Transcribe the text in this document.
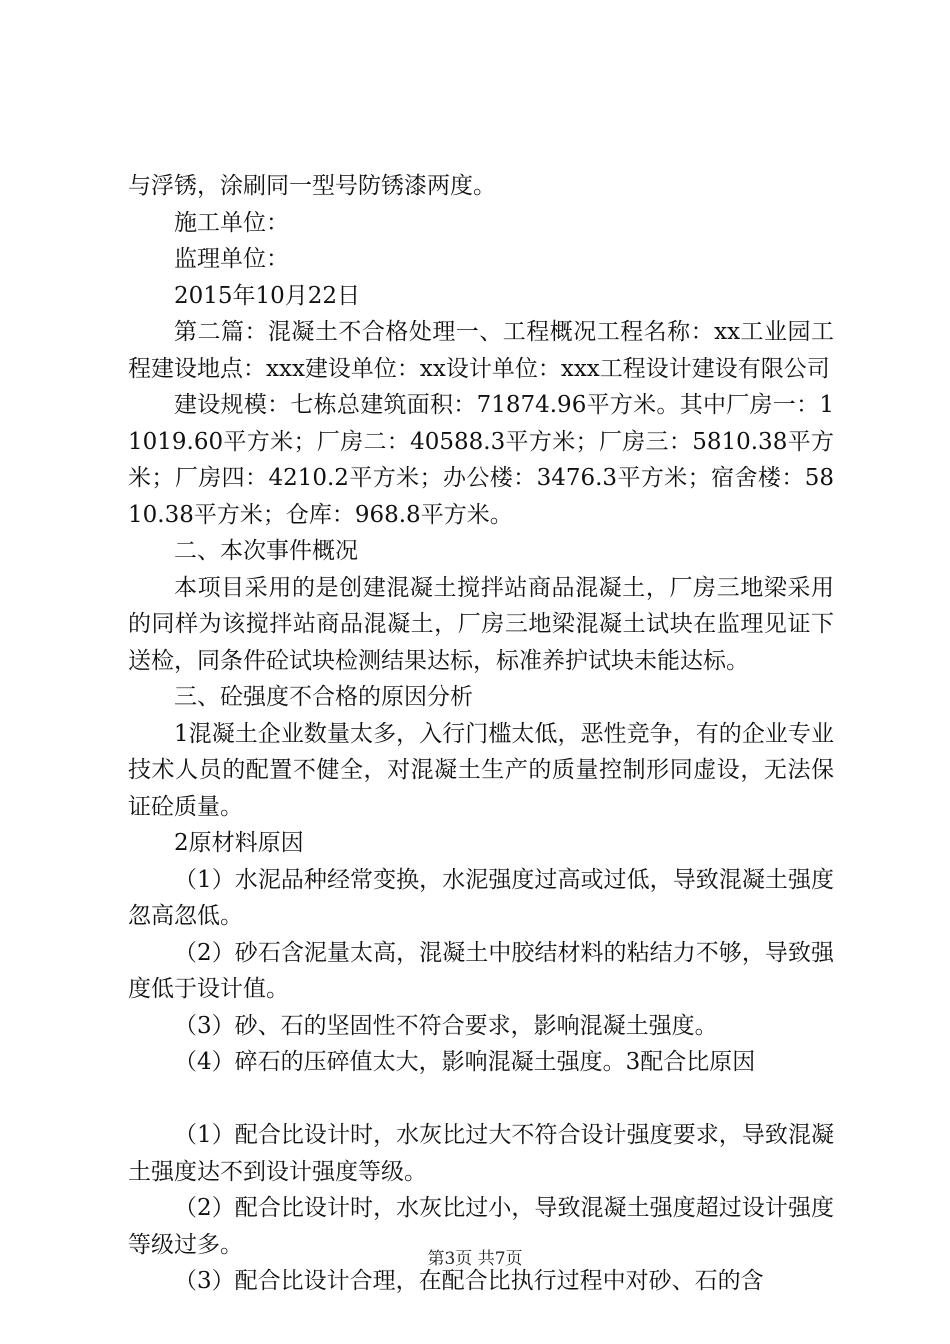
与浮锈，涂刷同一型号防锈漆两度。

施工单位：

监理单位：

2015年10月22日

第二篇：混凝土不合格处理一、工程概况工程名称：xx工业园工程建设地点：xxx建设单位：xx设计单位：xxx工程设计建设有限公司

建设规模：七栋总建筑面积：71874.96平方米。其中厂房一：11019.60平方米；厂房二：40588.3平方米；厂房三：5810.38平方米；厂房四：4210.2平方米；办公楼：3476.3平方米；宿舍楼：5810.38平方米；仓库：968.8平方米。

二、本次事件概况

本项目采用的是创建混凝土搅拌站商品混凝土，厂房三地梁采用的同样为该搅拌站商品混凝土，厂房三地梁混凝土试块在监理见证下送检，同条件砼试块检测结果达标，标准养护试块未能达标。

三、砼强度不合格的原因分析

1混凝土企业数量太多，入行门槛太低，恶性竞争，有的企业专业技术人员的配置不健全，对混凝土生产的质量控制形同虚设，无法保证砼质量。

2原材料原因

（1）水泥品种经常变换，水泥强度过高或过低，导致混凝土强度忽高忽低。

（2）砂石含泥量太高，混凝土中胶结材料的粘结力不够，导致强度低于设计值。

（3）砂、石的坚固性不符合要求，影响混凝土强度。

（4）碎石的压碎值太大，影响混凝土强度。3配合比原因

（1）配合比设计时，水灰比过大不符合设计强度要求，导致混凝土强度达不到设计强度等级。

（2）配合比设计时，水灰比过小，导致混凝土强度超过设计强度等级过多。

（3）配合比设计合理，在配合比执行过程中对砂、石的含

第3页 共7页
